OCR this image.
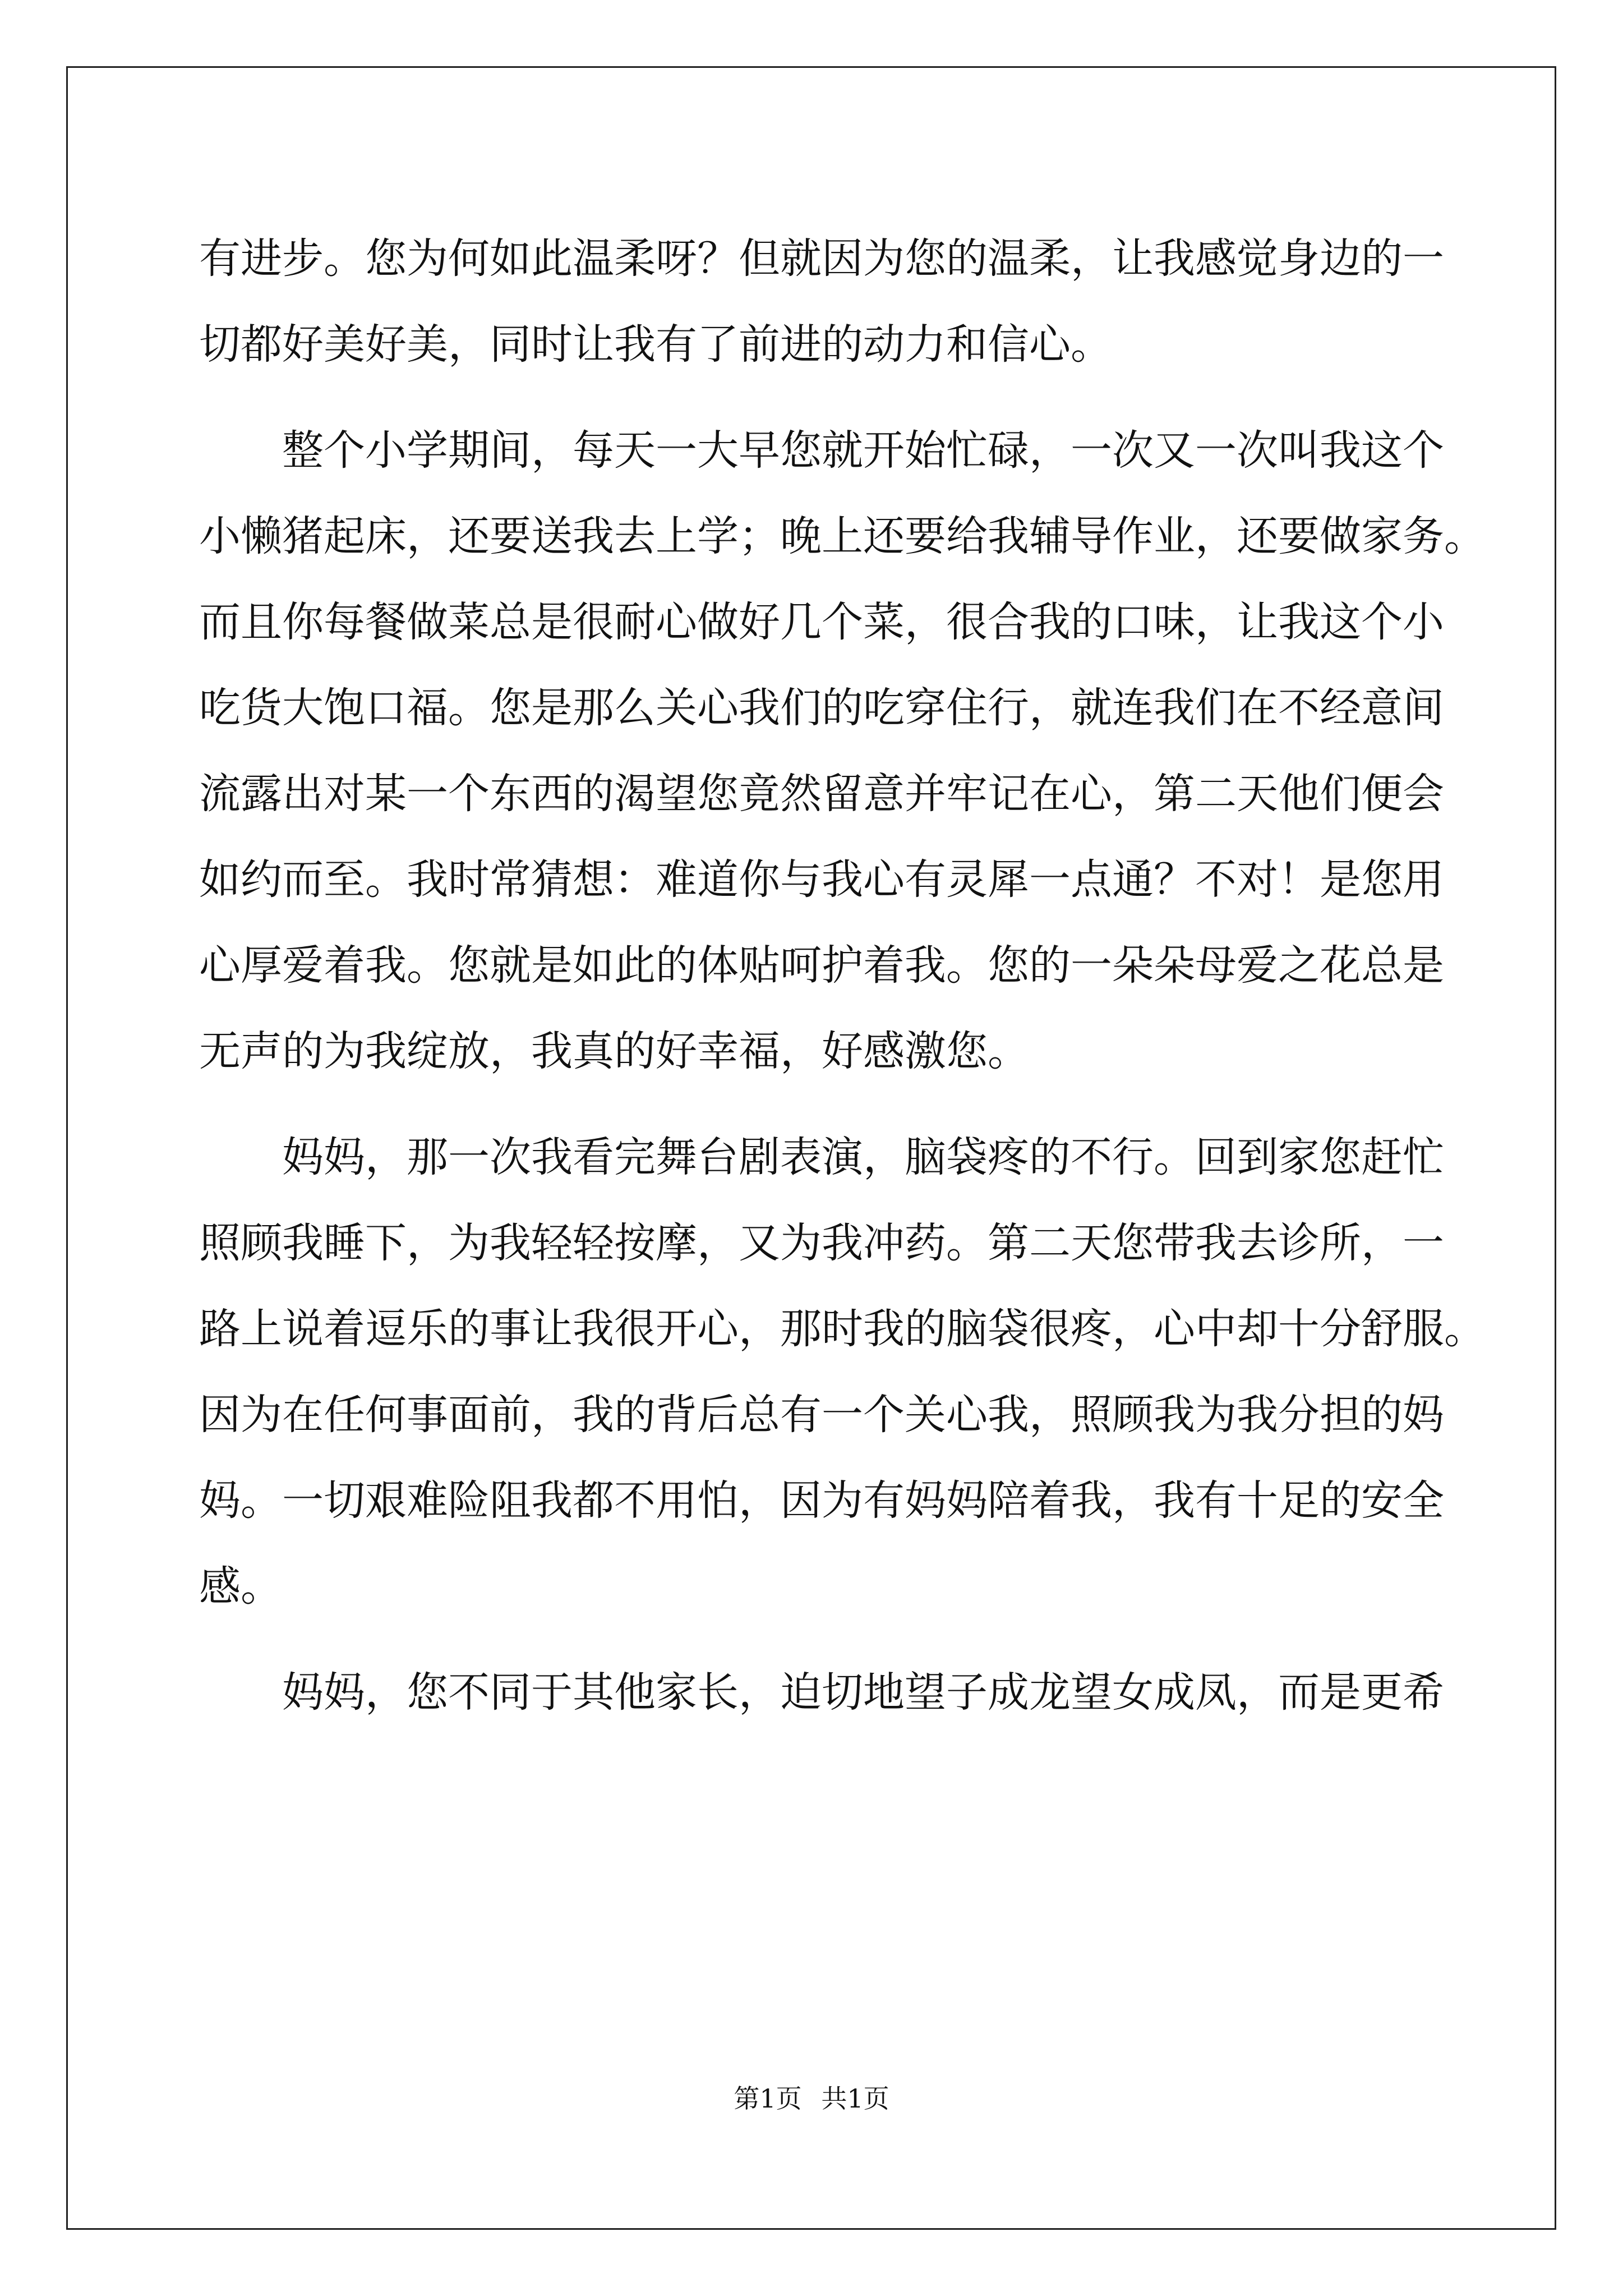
有进步。您为何如此温柔呀？但就因为您的温柔，让我感觉身边的一
切都好美好美，同时让我有了前进的动力和信心。
　　整个小学期间，每天一大早您就开始忙碌，一次又一次叫我这个
小懒猪起床，还要送我去上学；晚上还要给我辅导作业，还要做家务。
而且你每餐做菜总是很耐心做好几个菜，很合我的口味，让我这个小
吃货大饱口福。您是那么关心我们的吃穿住行，就连我们在不经意间
流露出对某一个东西的渴望您竟然留意并牢记在心，第二天他们便会
如约而至。我时常猜想：难道你与我心有灵犀一点通？不对！是您用
心厚爱着我。您就是如此的体贴呵护着我。您的一朵朵母爱之花总是
无声的为我绽放，我真的好幸福，好感激您。
　　妈妈，那一次我看完舞台剧表演，脑袋疼的不行。回到家您赶忙
照顾我睡下，为我轻轻按摩，又为我冲药。第二天您带我去诊所，一
路上说着逗乐的事让我很开心，那时我的脑袋很疼，心中却十分舒服。
因为在任何事面前，我的背后总有一个关心我，照顾我为我分担的妈
妈。一切艰难险阻我都不用怕，因为有妈妈陪着我，我有十足的安全
感。
　　妈妈，您不同于其他家长，迫切地望子成龙望女成凤，而是更希
第1页 共1页
